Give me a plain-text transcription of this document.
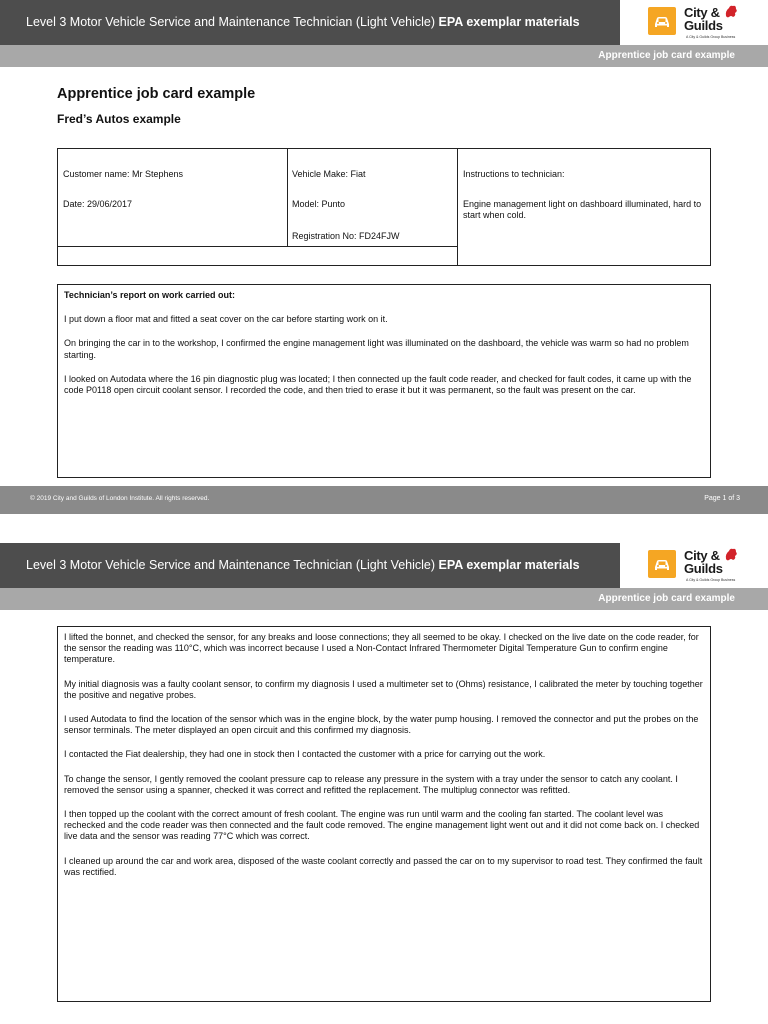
Level 3 Motor Vehicle Service and Maintenance Technician (Light Vehicle) EPA exemplar materials
City &
Guilds
A City & Guilds Group Business
Apprentice job card example
Apprentice job card example
Fred’s Autos example
Customer name: Mr Stephens
Date: 29/06/2017
Vehicle Make: Fiat
Model: Punto
Registration No: FD24FJW
Instructions to technician:
Engine management light on dashboard illuminated, hard to start when cold.
Technician’s report on work carried out:

I put down a floor mat and fitted a seat cover on the car before starting work on it.

On bringing the car in to the workshop, I confirmed the engine management light was illuminated on the dashboard, the vehicle was warm so had no problem starting.

I looked on Autodata where the 16 pin diagnostic plug was located; I then connected up the fault code reader, and checked for fault codes, it came up with the code P0118 open circuit coolant sensor. I recorded the code, and then tried to erase it but it was permanent, so the fault was present on the car.

© 2019 City and Guilds of London Institute. All rights reserved.	Page 1 of 3
Level 3 Motor Vehicle Service and Maintenance Technician (Light Vehicle) EPA exemplar materials
City &
Guilds
A City & Guilds Group Business
Apprentice job card example

I lifted the bonnet, and checked the sensor, for any breaks and loose connections; they all seemed to be okay. I checked on the live date on the code reader, for the sensor the reading was 110°C, which was incorrect because I used a Non-Contact Infrared Thermometer Digital Temperature Gun to confirm engine temperature.

My initial diagnosis was a faulty coolant sensor, to confirm my diagnosis I used a multimeter set to (Ohms) resistance, I calibrated the meter by touching together the positive and negative probes.

I used Autodata to find the location of the sensor which was in the engine block, by the water pump housing. I removed the connector and put the probes on the sensor terminals. The meter displayed an open circuit and this confirmed my diagnosis.

I contacted the Fiat dealership, they had one in stock then I contacted the customer with a price for carrying out the work.

To change the sensor, I gently removed the coolant pressure cap to release any pressure in the system with a tray under the sensor to catch any coolant. I removed the sensor using a spanner, checked it was correct and refitted the replacement. The multiplug connector was refitted.

I then topped up the coolant with the correct amount of fresh coolant. The engine was run until warm and the cooling fan started. The coolant level was rechecked and the code reader was then connected and the fault code removed. The engine management light went out and it did not come back on. I checked live data and the sensor was reading 77°C which was correct.

I cleaned up around the car and work area, disposed of the waste coolant correctly and passed the car on to my supervisor to road test. They confirmed the fault was rectified.
